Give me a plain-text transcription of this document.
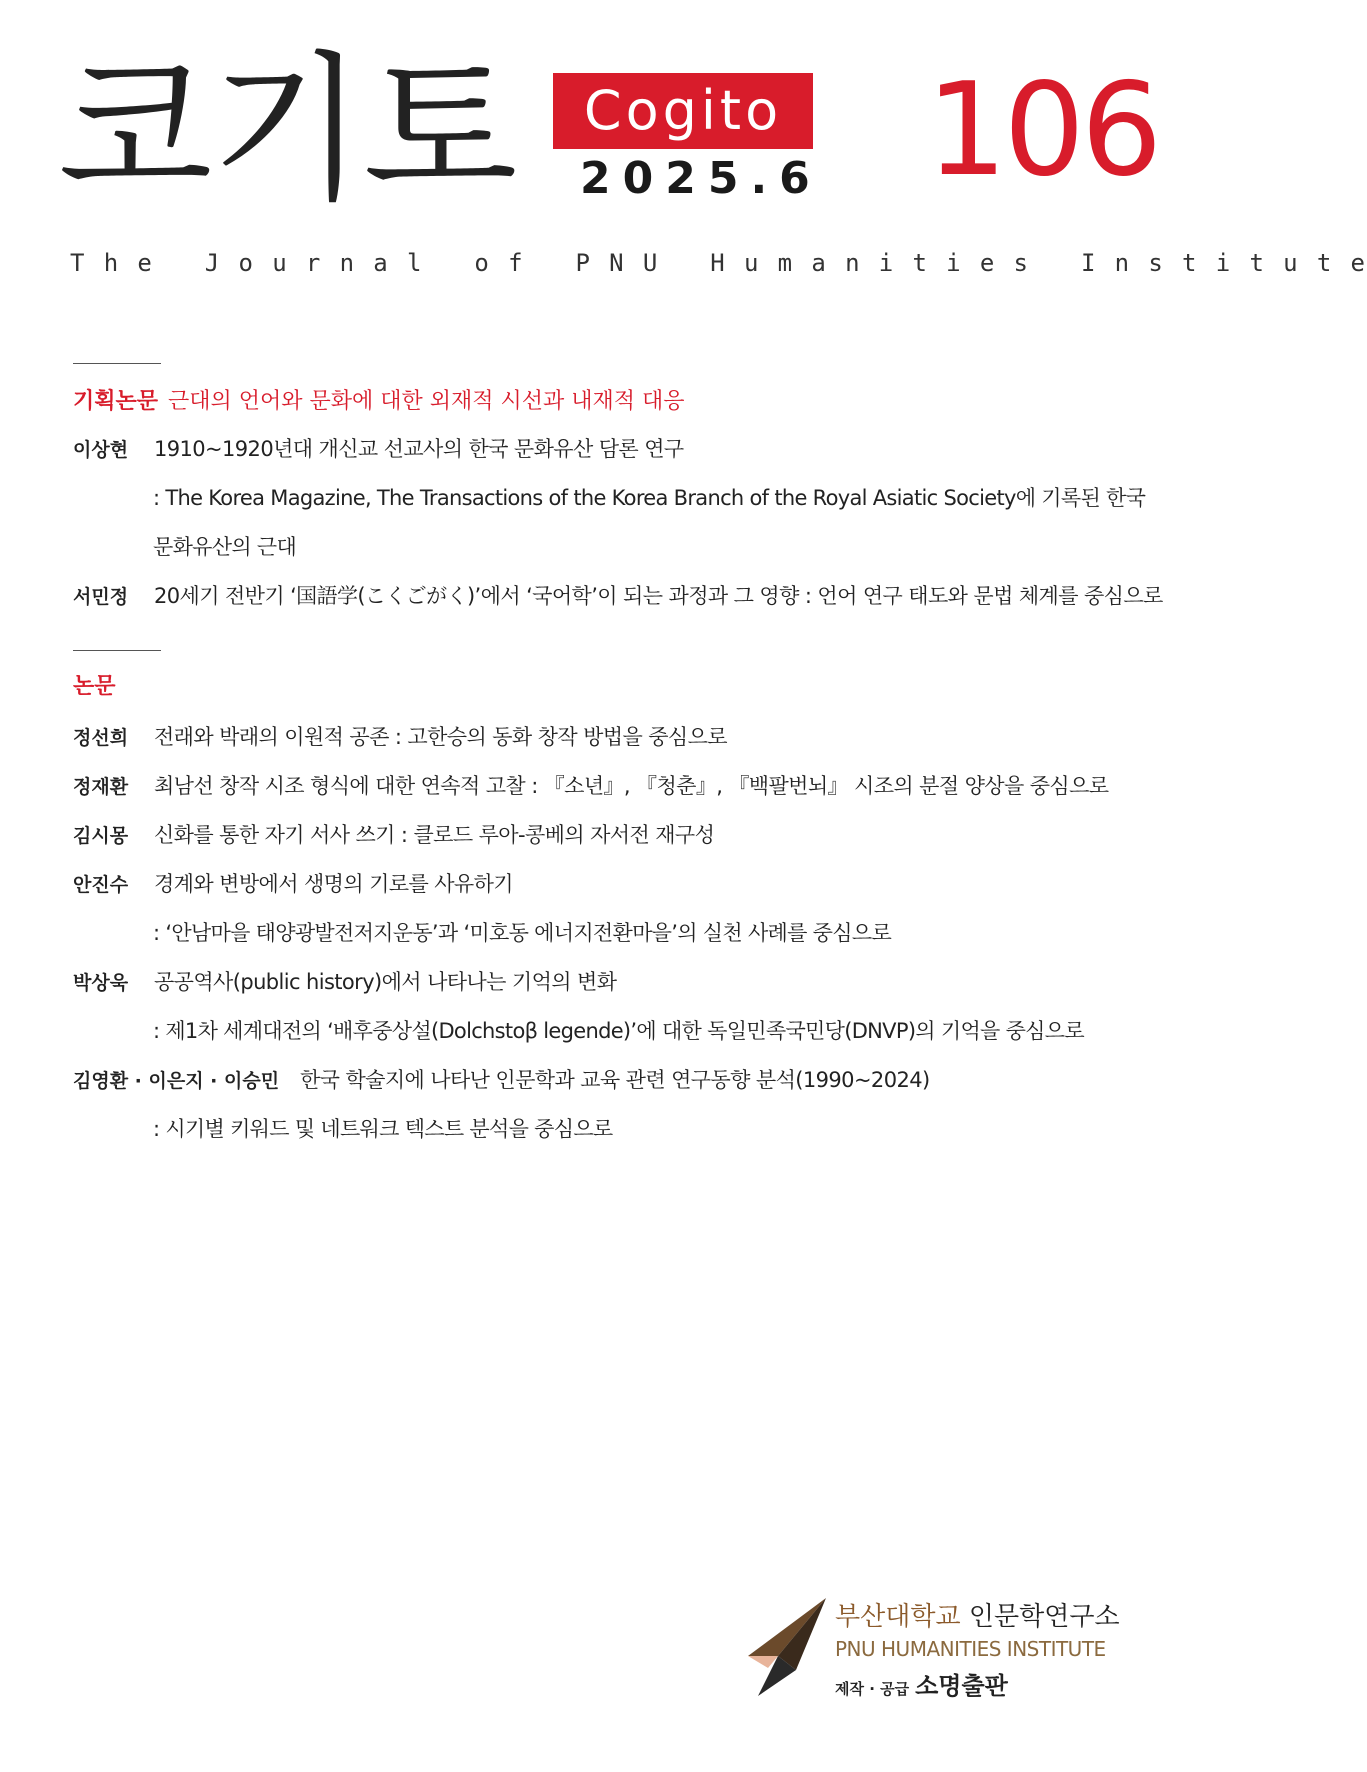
코기토	Cogito
2025.6 106
T h e   J o u r n a l   o f   P N U   H u m a n i t i e s   I n s t i t u t e
기획논문 근대의 언어와 문화에 대한 외재적 시선과 내재적 대응
이상현 1910~1920년대 개신교 선교사의 한국 문화유산 담론 연구
: The Korea Magazine, The Transactions of the Korea Branch of the Royal Asiatic Society에 기록된 한국
문화유산의 근대
서민정 20세기 전반기 ‘国語学(こくごがく)’에서 ‘국어학’이 되는 과정과 그 영향 : 언어 연구 태도와 문법 체계를 중심으로
논문
정선희 전래와 박래의 이원적 공존 : 고한승의 동화 창작 방법을 중심으로
정재환 최남선 창작 시조 형식에 대한 연속적 고찰 : 『소년』, 『청춘』, 『백팔번뇌』 시조의 분절 양상을 중심으로
김시몽 신화를 통한 자기 서사 쓰기 : 클로드 루아-콩베의 자서전 재구성
안진수 경계와 변방에서 생명의 기로를 사유하기
: ‘안남마을 태양광발전저지운동’과 ‘미호동 에너지전환마을’의 실천 사례를 중심으로
박상욱 공공역사(public history)에서 나타나는 기억의 변화
: 제1차 세계대전의 ‘배후중상설(Dolchstoβ legende)’에 대한 독일민족국민당(DNVP)의 기억을 중심으로
김영환 · 이은지 · 이승민 한국 학술지에 나타난 인문학과 교육 관련 연구동향 분석(1990~2024)
: 시기별 키워드 및 네트워크 텍스트 분석을 중심으로
부산대학교 인문학연구소
PNU HUMANITIES INSTITUTE
제작 · 공급 소명출판
